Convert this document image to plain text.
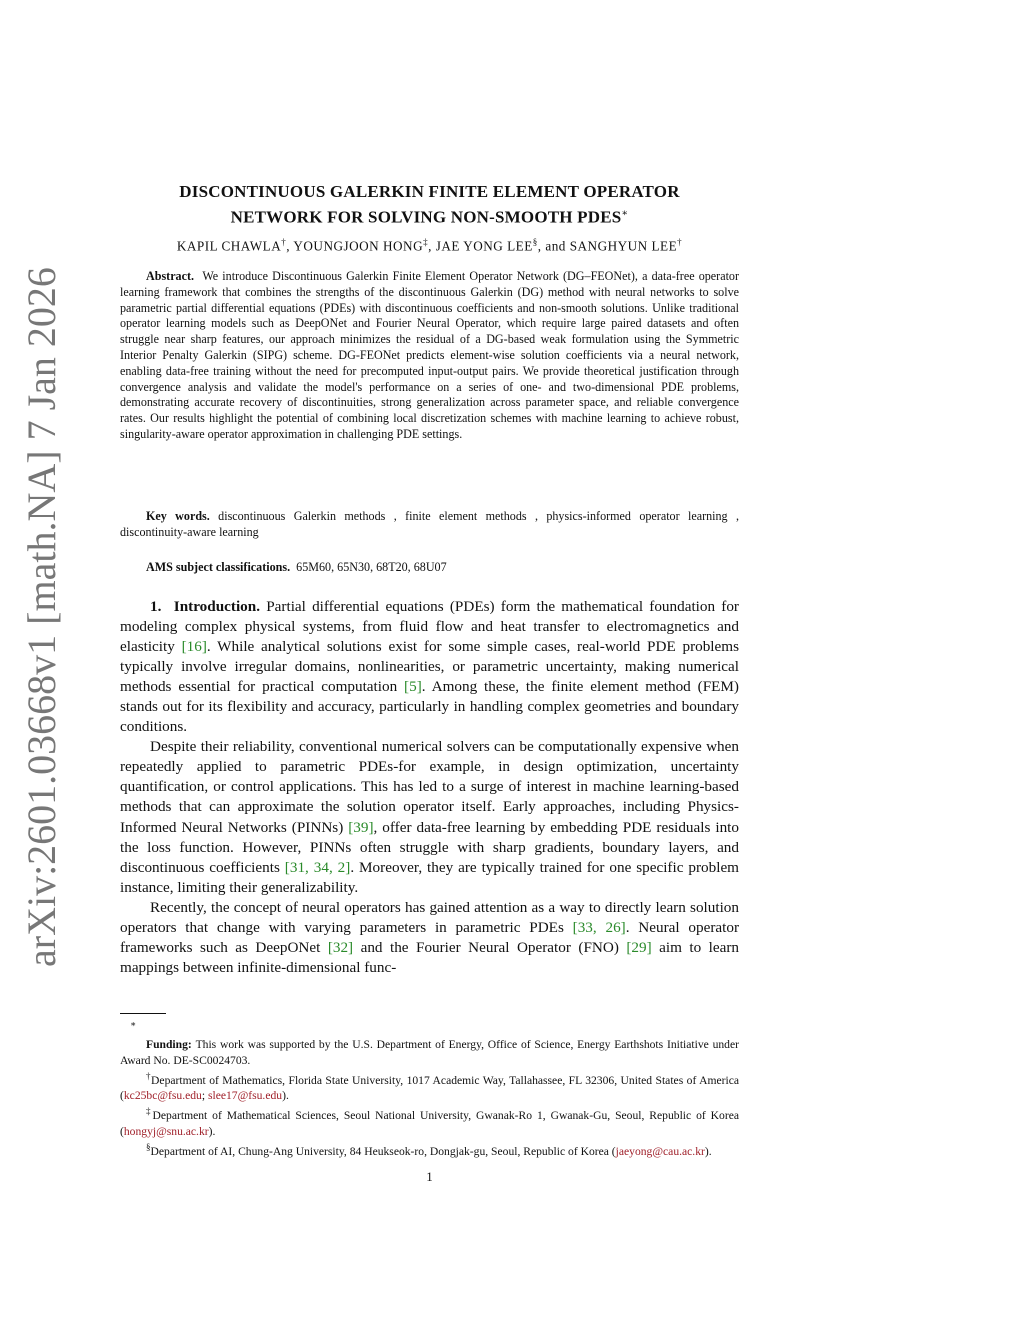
arXiv:2601.03668v1 [math.NA] 7 Jan 2026
DISCONTINUOUS GALERKIN FINITE ELEMENT OPERATOR
NETWORK FOR SOLVING NON-SMOOTH PDES∗
KAPIL CHAWLA†, YOUNGJOON HONG‡, JAE YONG LEE§, and SANGHYUN LEE†
Abstract. We introduce Discontinuous Galerkin Finite Element Operator Network (DG–FEONet), a data-free operator learning framework that combines the strengths of the discontinuous Galerkin (DG) method with neural networks to solve parametric partial differential equations (PDEs) with discontinuous coefficients and non-smooth solutions. Unlike traditional operator learning models such as DeepONet and Fourier Neural Operator, which require large paired datasets and often struggle near sharp features, our approach minimizes the residual of a DG-based weak formulation using the Symmetric Interior Penalty Galerkin (SIPG) scheme. DG-FEONet predicts element-wise solution coefficients via a neural network, enabling data-free training without the need for precomputed input-output pairs. We provide theoretical justification through convergence analysis and validate the model's performance on a series of one- and two-dimensional PDE problems, demonstrating accurate recovery of discontinuities, strong generalization across parameter space, and reliable convergence rates. Our results highlight the potential of combining local discretization schemes with machine learning to achieve robust, singularity-aware operator approximation in challenging PDE settings.
Key words. discontinuous Galerkin methods , finite element methods , physics-informed operator learning , discontinuity-aware learning
AMS subject classifications. 65M60, 65N30, 68T20, 68U07

1. Introduction. Partial differential equations (PDEs) form the mathematical foundation for modeling complex physical systems, from fluid flow and heat transfer to electromagnetics and elasticity [16]. While analytical solutions exist for some simple cases, real-world PDE problems typically involve irregular domains, nonlinearities, or parametric uncertainty, making numerical methods essential for practical computation [5]. Among these, the finite element method (FEM) stands out for its flexibility and accuracy, particularly in handling complex geometries and boundary conditions.

Despite their reliability, conventional numerical solvers can be computationally expensive when repeatedly applied to parametric PDEs-for example, in design optimization, uncertainty quantification, or control applications. This has led to a surge of interest in machine learning-based methods that can approximate the solution operator itself. Early approaches, including Physics-Informed Neural Networks (PINNs) [39], offer data-free learning by embedding PDE residuals into the loss function. However, PINNs often struggle with sharp gradients, boundary layers, and discontinuous coefficients [31, 34, 2]. Moreover, they are typically trained for one specific problem instance, limiting their generalizability.

Recently, the concept of neural operators has gained attention as a way to directly learn solution operators that change with varying parameters in parametric PDEs [33, 26]. Neural operator frameworks such as DeepONet [32] and the Fourier Neural Operator (FNO) [29] aim to learn mappings between infinite-dimensional func-

∗

Funding: This work was supported by the U.S. Department of Energy, Office of Science, Energy Earthshots Initiative under Award No. DE-SC0024703.

†Department of Mathematics, Florida State University, 1017 Academic Way, Tallahassee, FL 32306, United States of America (kc25bc@fsu.edu; slee17@fsu.edu).

‡Department of Mathematical Sciences, Seoul National University, Gwanak-Ro 1, Gwanak-Gu, Seoul, Republic of Korea (hongyj@snu.ac.kr).

§Department of AI, Chung-Ang University, 84 Heukseok-ro, Dongjak-gu, Seoul, Republic of Korea (jaeyong@cau.ac.kr).

1
